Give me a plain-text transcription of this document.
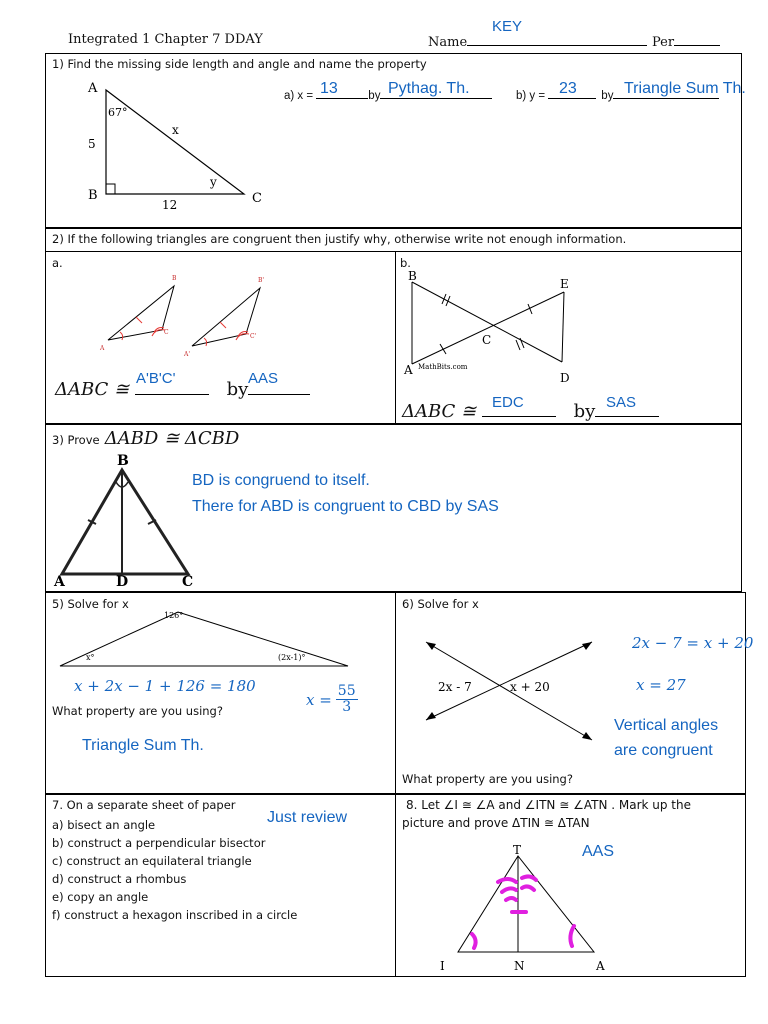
Integrated 1 Chapter 7 DDAY	Name
KEY
Per
1) Find the missing side length and angle and name the property
A
B	C
67°
5
12
x
y
a) x =	by
13	Pythag. Th.	b) y =	by
23	Triangle Sum Th.
2) If the following triangles are congruent then justify why, otherwise write not enough information.
a.	b.
B
A
C
B'
A'
C'
ΔABC ≅	by
A'B'C'	AAS
B
E
C
A
D
MathBits.com
ΔABC ≅	by
EDC	SAS
3) Prove ΔABD ≅ ΔCBD
B
A	D	C
BD is congruend to itself.
There for ABD is congruent to CBD by SAS
5) Solve for x
126°
x°	(2x-1)°
x + 2x − 1 + 126 = 180
What property are you using?
$x = \frac{55}{3}$
Triangle Sum Th.
6) Solve for x
2x - 7	x + 20
2x − 7 = x + 20
x = 27
Vertical angles
are congruent
What property are you using?
7. On a separate sheet of paper
a) bisect an angle
b) construct a perpendicular bisector
c) construct an equilateral triangle
d) construct a rhombus
e) copy an angle
f) construct a hexagon inscribed in a circle
Just review
8. Let ∠I ≅ ∠A and ∠ITN ≅ ∠ATN . Mark up the
picture and prove ΔTIN ≅ ΔTAN
AAS
T
I	N	A
